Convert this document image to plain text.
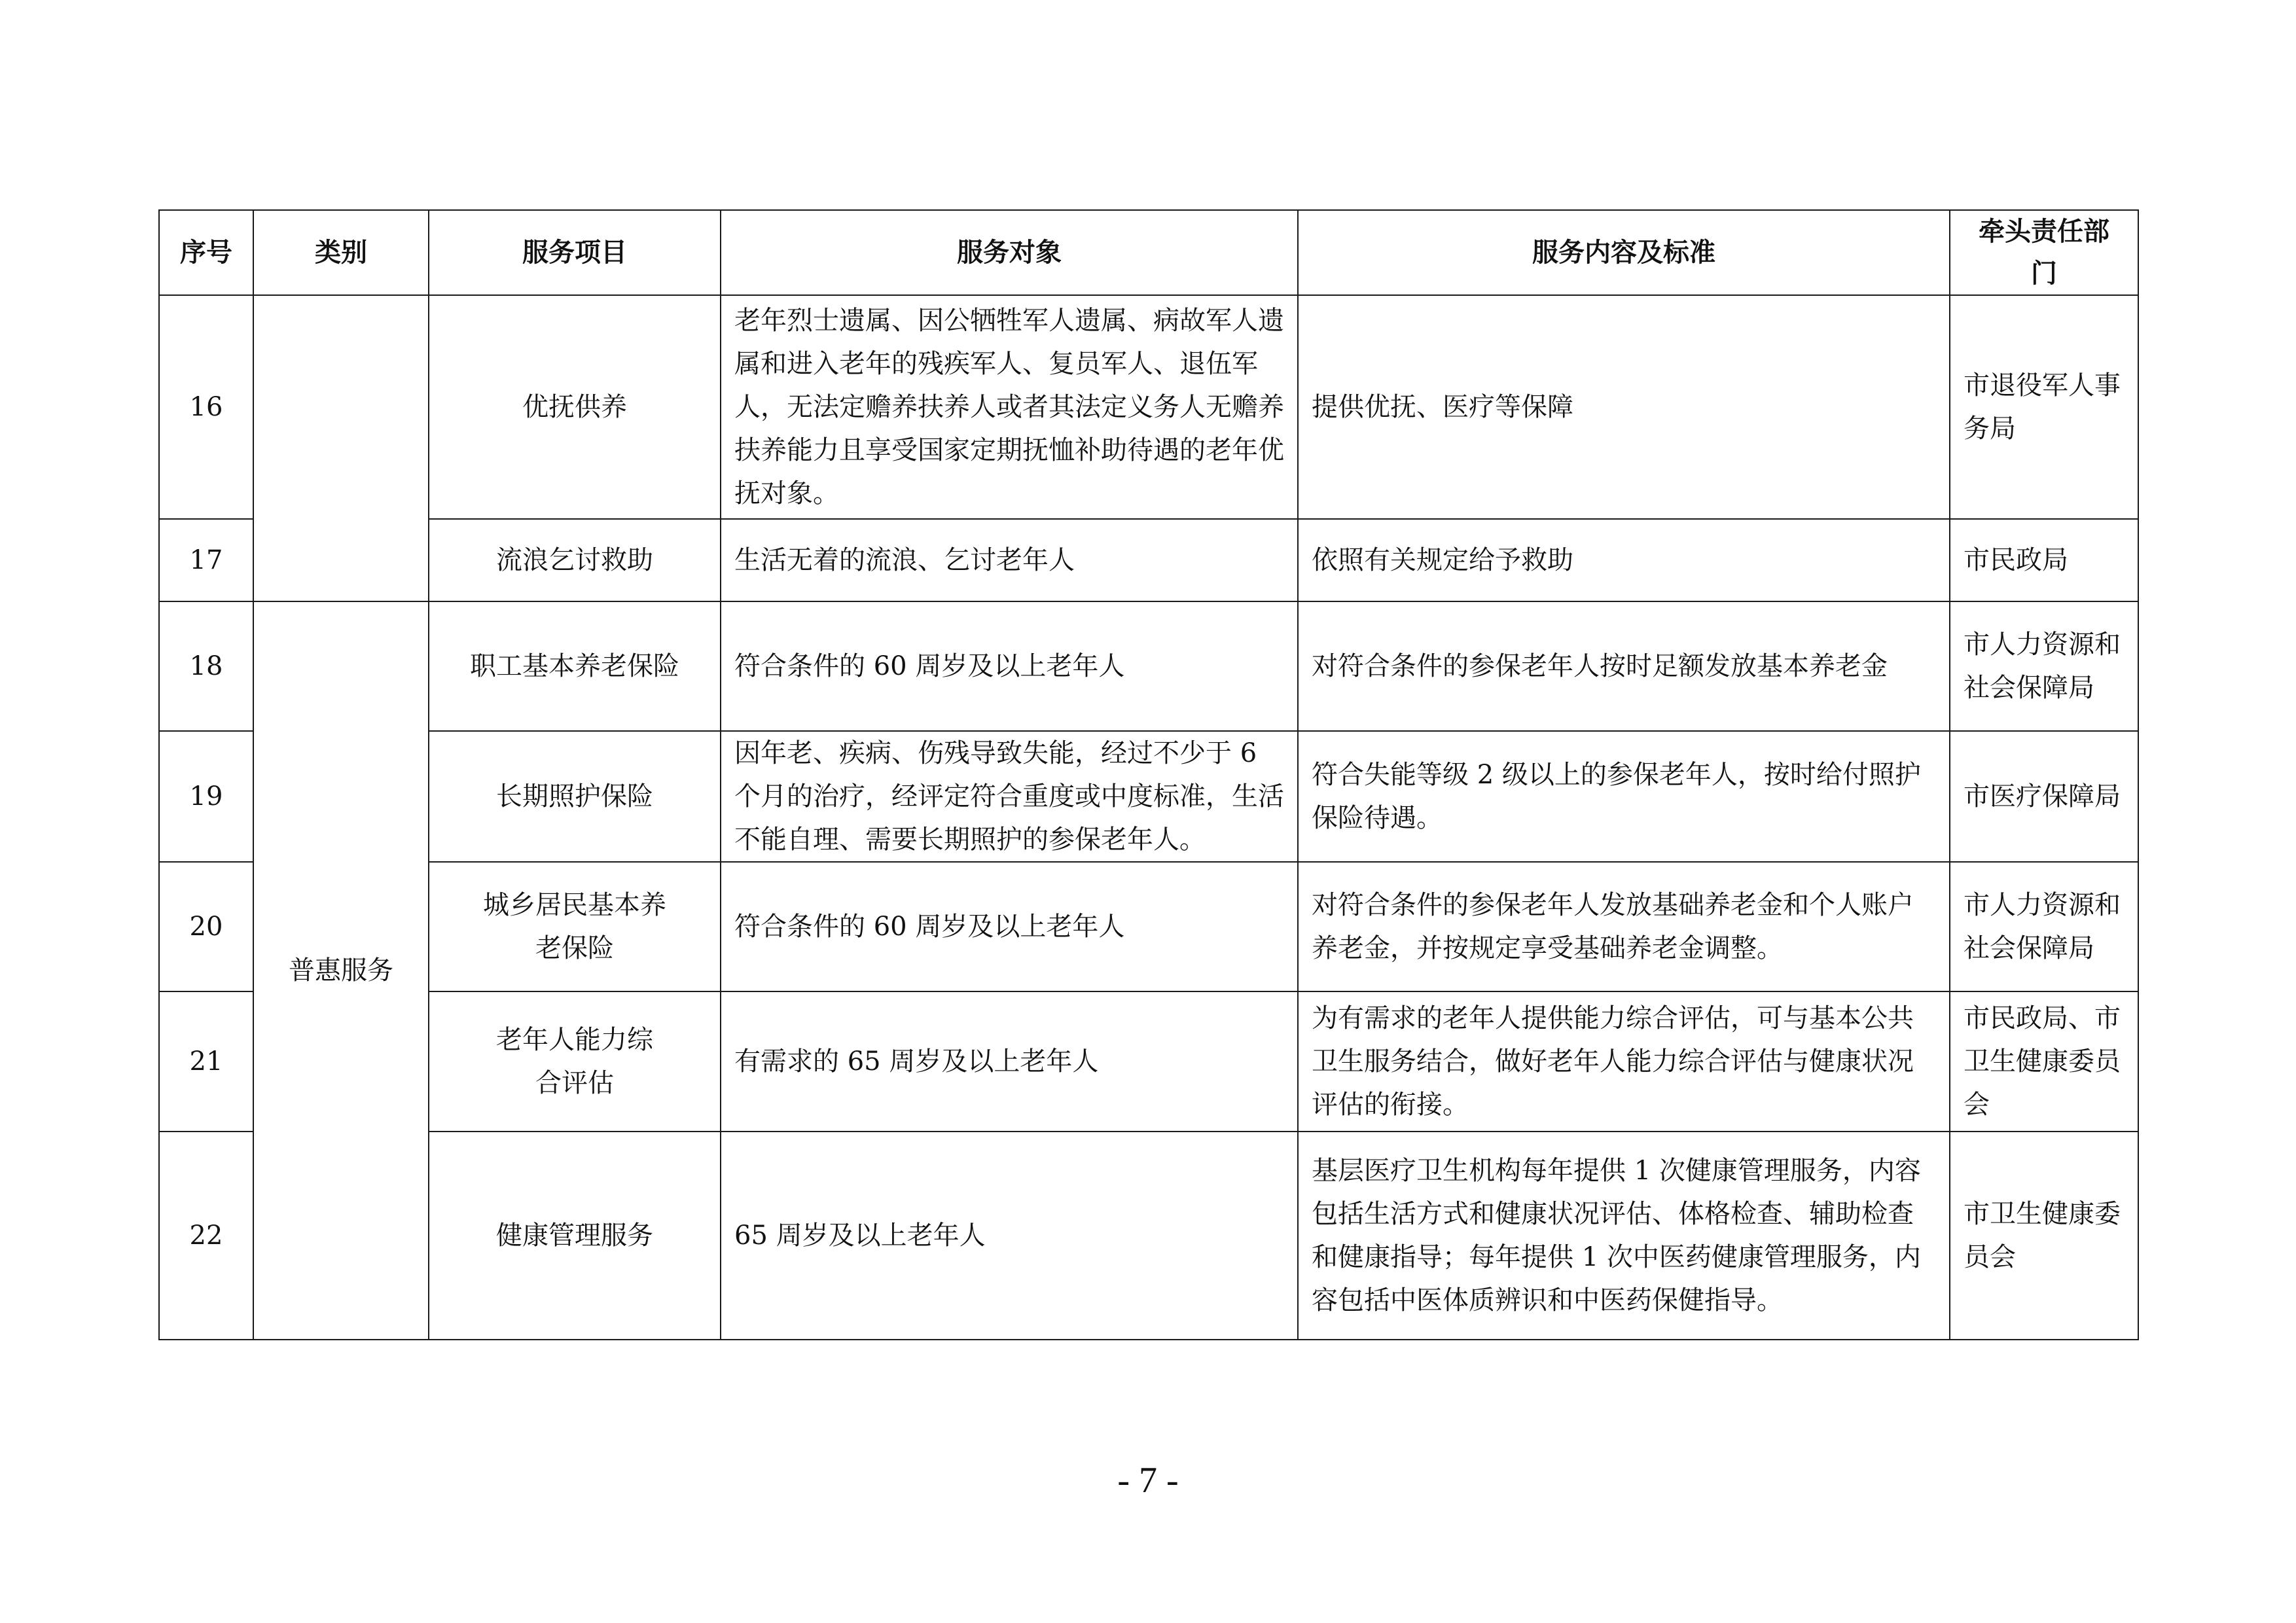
序号	类别	服务项目	服务对象	服务内容及标准	牵头责任部门
16		优抚供养	老年烈士遗属、因公牺牲军人遗属、病故军人遗属和进入老年的残疾军人、复员军人、退伍军人，无法定赡养扶养人或者其法定义务人无赡养扶养能力且享受国家定期抚恤补助待遇的老年优抚对象。	提供优抚、医疗等保障	市退役军人事务局
17		流浪乞讨救助	生活无着的流浪、乞讨老年人	依照有关规定给予救助	市民政局
18	普惠服务	职工基本养老保险	符合条件的 60 周岁及以上老年人	对符合条件的参保老年人按时足额发放基本养老金	市人力资源和社会保障局
19		长期照护保险	因年老、疾病、伤残导致失能，经过不少于 6 个月的治疗，经评定符合重度或中度标准，生活不能自理、需要长期照护的参保老年人。	符合失能等级 2 级以上的参保老年人，按时给付照护保险待遇。	市医疗保障局
20		城乡居民基本养老保险	符合条件的 60 周岁及以上老年人	对符合条件的参保老年人发放基础养老金和个人账户养老金，并按规定享受基础养老金调整。	市人力资源和社会保障局
21		老年人能力综合评估	有需求的 65 周岁及以上老年人	为有需求的老年人提供能力综合评估，可与基本公共卫生服务结合，做好老年人能力综合评估与健康状况评估的衔接。	市民政局、市卫生健康委员会
22		健康管理服务	65 周岁及以上老年人	基层医疗卫生机构每年提供 1 次健康管理服务，内容包括生活方式和健康状况评估、体格检查、辅助检查和健康指导；每年提供 1 次中医药健康管理服务，内容包括中医体质辨识和中医药保健指导。	市卫生健康委员会
- 7 -
